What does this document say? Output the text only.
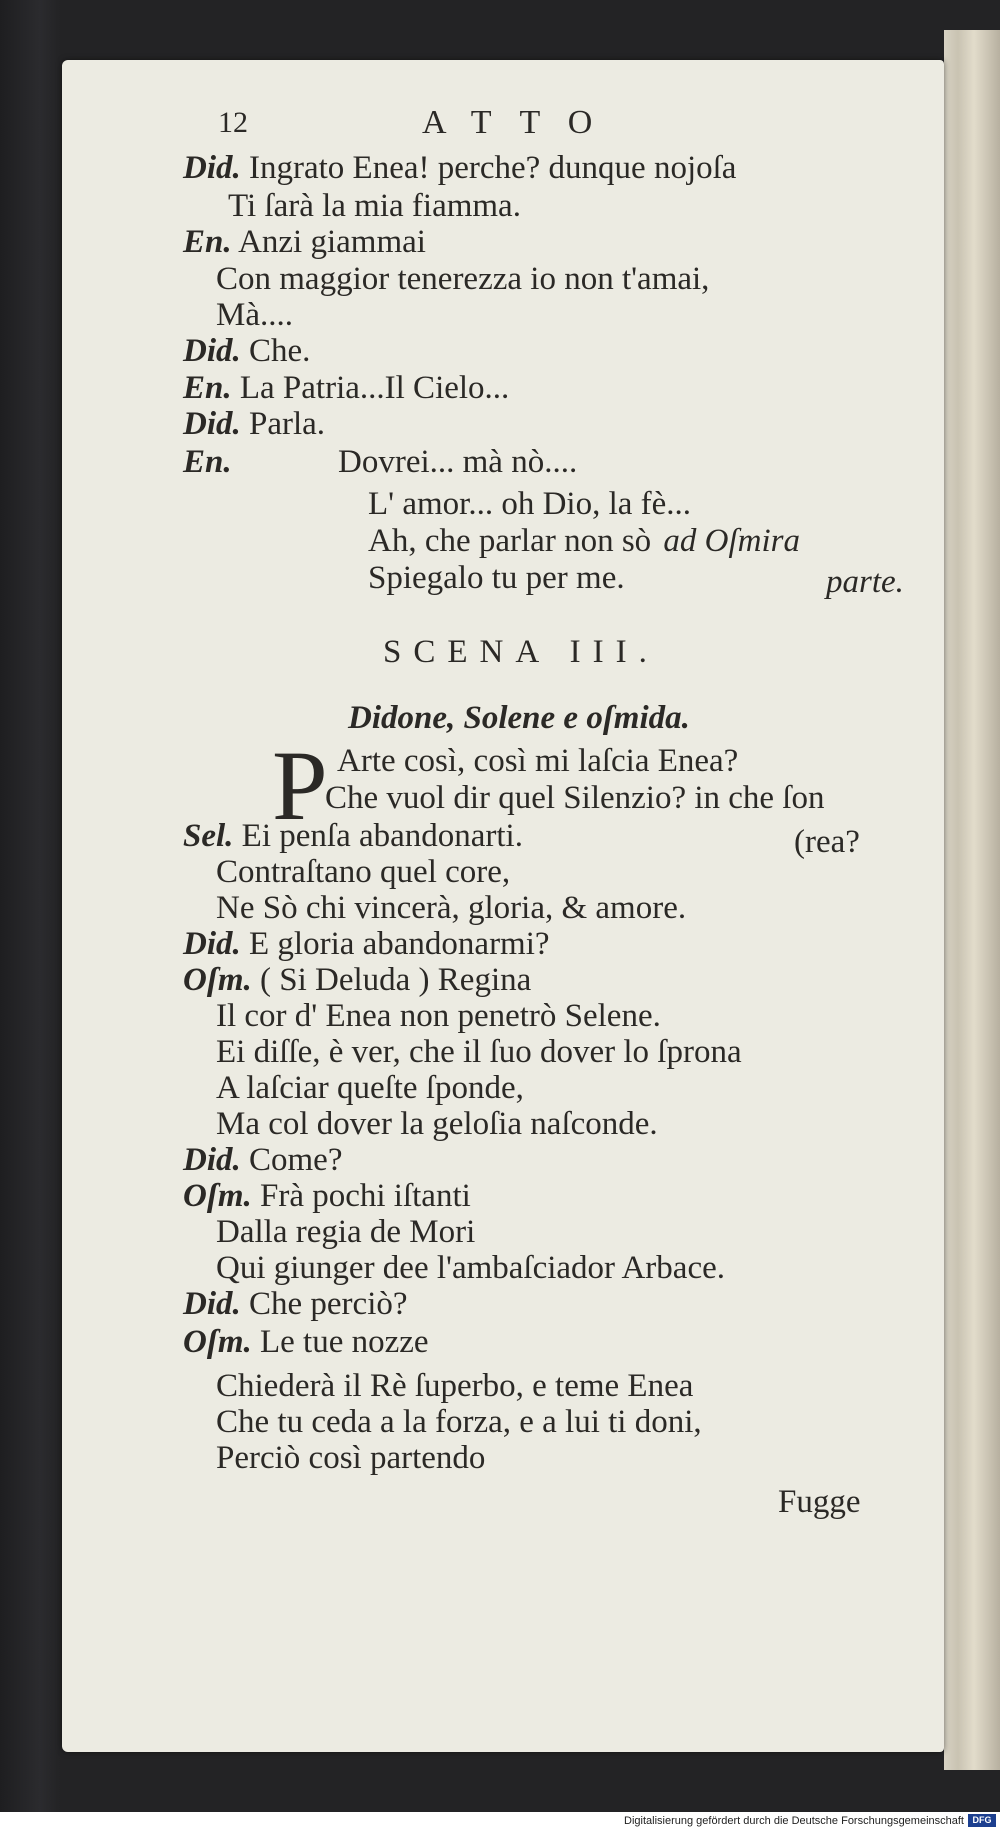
12	ATTO
Did. Ingrato Enea! perche? dunque nojoſa
Ti ſarà la mia fiamma.
En. Anzi giammai
Con maggior tenerezza io non t'amai,
Mà....
Did. Che.
En. La Patria...Il Cielo...
Did. Parla.
En.	Dovrei... mà nò....
L' amor... oh Dio, la fè...
Ah, che parlar non sò ad Oſmira
Spiegalo tu per me.	parte.
SCENA III.
Didone, Solene e oſmida.
P Arte così, così mi laſcia Enea?
Che vuol dir quel Silenzio? in che ſon
Sel. Ei penſa abandonarti.	(rea?
Contraſtano quel core,
Ne Sò chi vincerà, gloria, & amore.
Did. E gloria abandonarmi?
Oſm. ( Si Deluda ) Regina
Il cor d' Enea non penetrò Selene.
Ei diſſe, è ver, che il ſuo dover lo ſprona
A laſciar queſte ſponde,
Ma col dover la geloſia naſconde.
Did. Come?
Oſm. Frà pochi iſtanti
Dalla regia de Mori
Qui giunger dee l'ambaſciador Arbace.
Did. Che perciò?
Oſm. Le tue nozze
Chiederà il Rè ſuperbo, e teme Enea
Che tu ceda a la forza, e a lui ti doni,
Perciò così partendo
Fugge
Digitalisierung gefördert durch die Deutsche Forschungsgemeinschaft DFG
